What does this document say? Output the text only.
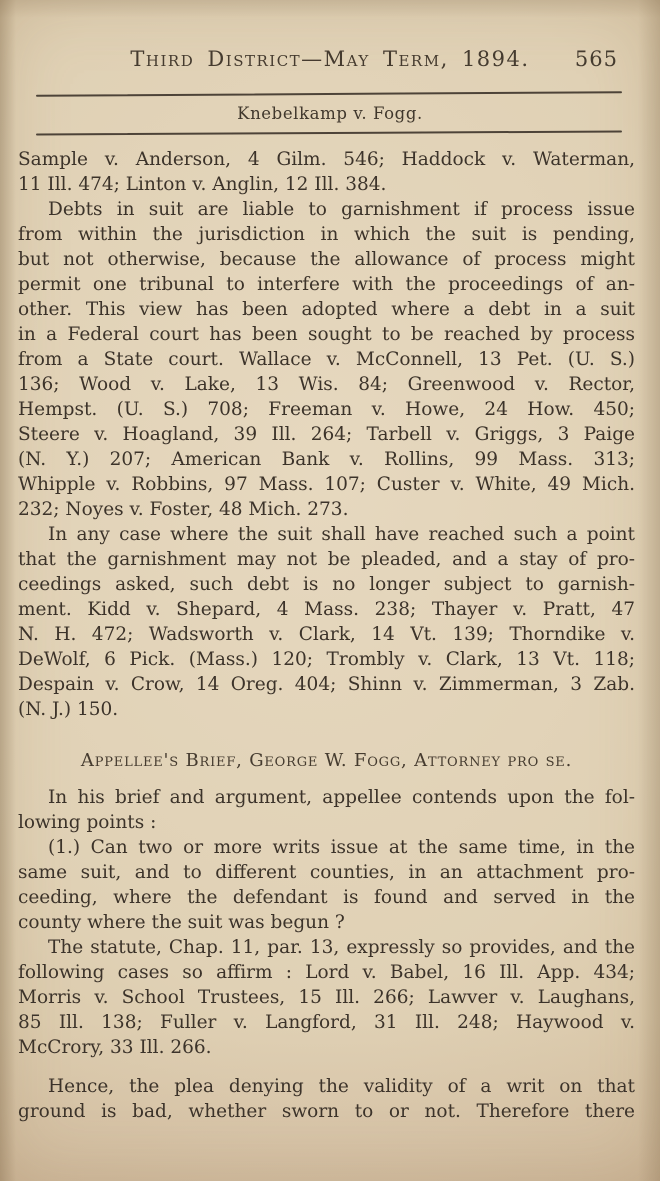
Third District—May Term, 1894. 565
Knebelkamp v. Fogg.
Sample v. Anderson, 4 Gilm. 546; Haddock v. Waterman,
11 Ill. 474; Linton v. Anglin, 12 Ill. 384.
Debts in suit are liable to garnishment if process issue
from within the jurisdiction in which the suit is pending,
but not otherwise, because the allowance of process might
permit one tribunal to interfere with the proceedings of an-
other. This view has been adopted where a debt in a suit
in a Federal court has been sought to be reached by process
from a State court. Wallace v. McConnell, 13 Pet. (U. S.)
136; Wood v. Lake, 13 Wis. 84; Greenwood v. Rector,
Hempst. (U. S.) 708; Freeman v. Howe, 24 How. 450;
Steere v. Hoagland, 39 Ill. 264; Tarbell v. Griggs, 3 Paige
(N. Y.) 207; American Bank v. Rollins, 99 Mass. 313;
Whipple v. Robbins, 97 Mass. 107; Custer v. White, 49 Mich.
232; Noyes v. Foster, 48 Mich. 273.
In any case where the suit shall have reached such a point
that the garnishment may not be pleaded, and a stay of pro-
ceedings asked, such debt is no longer subject to garnish-
ment. Kidd v. Shepard, 4 Mass. 238; Thayer v. Pratt, 47
N. H. 472; Wadsworth v. Clark, 14 Vt. 139; Thorndike v.
DeWolf, 6 Pick. (Mass.) 120; Trombly v. Clark, 13 Vt. 118;
Despain v. Crow, 14 Oreg. 404; Shinn v. Zimmerman, 3 Zab.
(N. J.) 150.
Appellee's Brief, George W. Fogg, Attorney pro se.
In his brief and argument, appellee contends upon the fol-
lowing points :
(1.) Can two or more writs issue at the same time, in the
same suit, and to different counties, in an attachment pro-
ceeding, where the defendant is found and served in the
county where the suit was begun ?
The statute, Chap. 11, par. 13, expressly so provides, and the
following cases so affirm : Lord v. Babel, 16 Ill. App. 434;
Morris v. School Trustees, 15 Ill. 266; Lawver v. Laughans,
85 Ill. 138; Fuller v. Langford, 31 Ill. 248; Haywood v.
McCrory, 33 Ill. 266.
Hence, the plea denying the validity of a writ on that
ground is bad, whether sworn to or not. Therefore there
